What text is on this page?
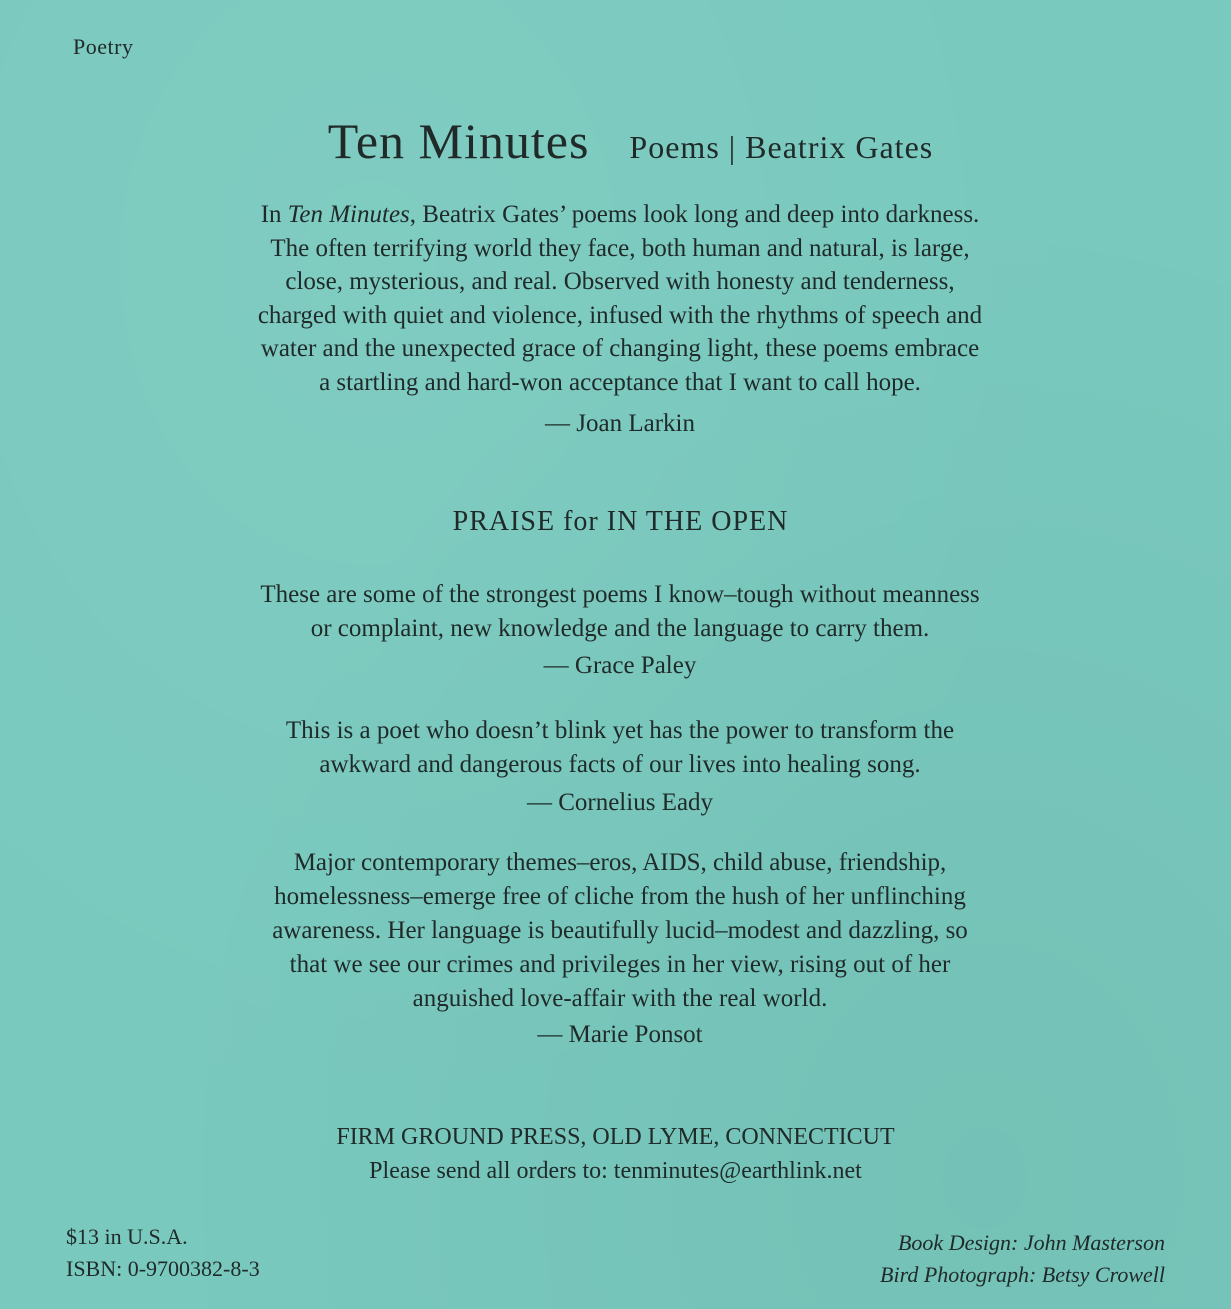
Poetry
Ten Minutes Poems | Beatrix Gates
In Ten Minutes, Beatrix Gates’ poems look long and deep into darkness.
The often terrifying world they face, both human and natural, is large,
close, mysterious, and real. Observed with honesty and tenderness,
charged with quiet and violence, infused with the rhythms of speech and
water and the unexpected grace of changing light, these poems embrace
a startling and hard-won acceptance that I want to call hope.
— Joan Larkin
PRAISE for IN THE OPEN
These are some of the strongest poems I know–tough without meanness
or complaint, new knowledge and the language to carry them.
— Grace Paley
This is a poet who doesn’t blink yet has the power to transform the
awkward and dangerous facts of our lives into healing song.
— Cornelius Eady
Major contemporary themes–eros, AIDS, child abuse, friendship,
homelessness–emerge free of cliche from the hush of her unflinching
awareness. Her language is beautifully lucid–modest and dazzling, so
that we see our crimes and privileges in her view, rising out of her
anguished love-affair with the real world.
— Marie Ponsot
FIRM GROUND PRESS, OLD LYME, CONNECTICUT
Please send all orders to: tenminutes@earthlink.net
$13 in U.S.A.
ISBN: 0-9700382-8-3
Book Design: John Masterson
Bird Photograph: Betsy Crowell
